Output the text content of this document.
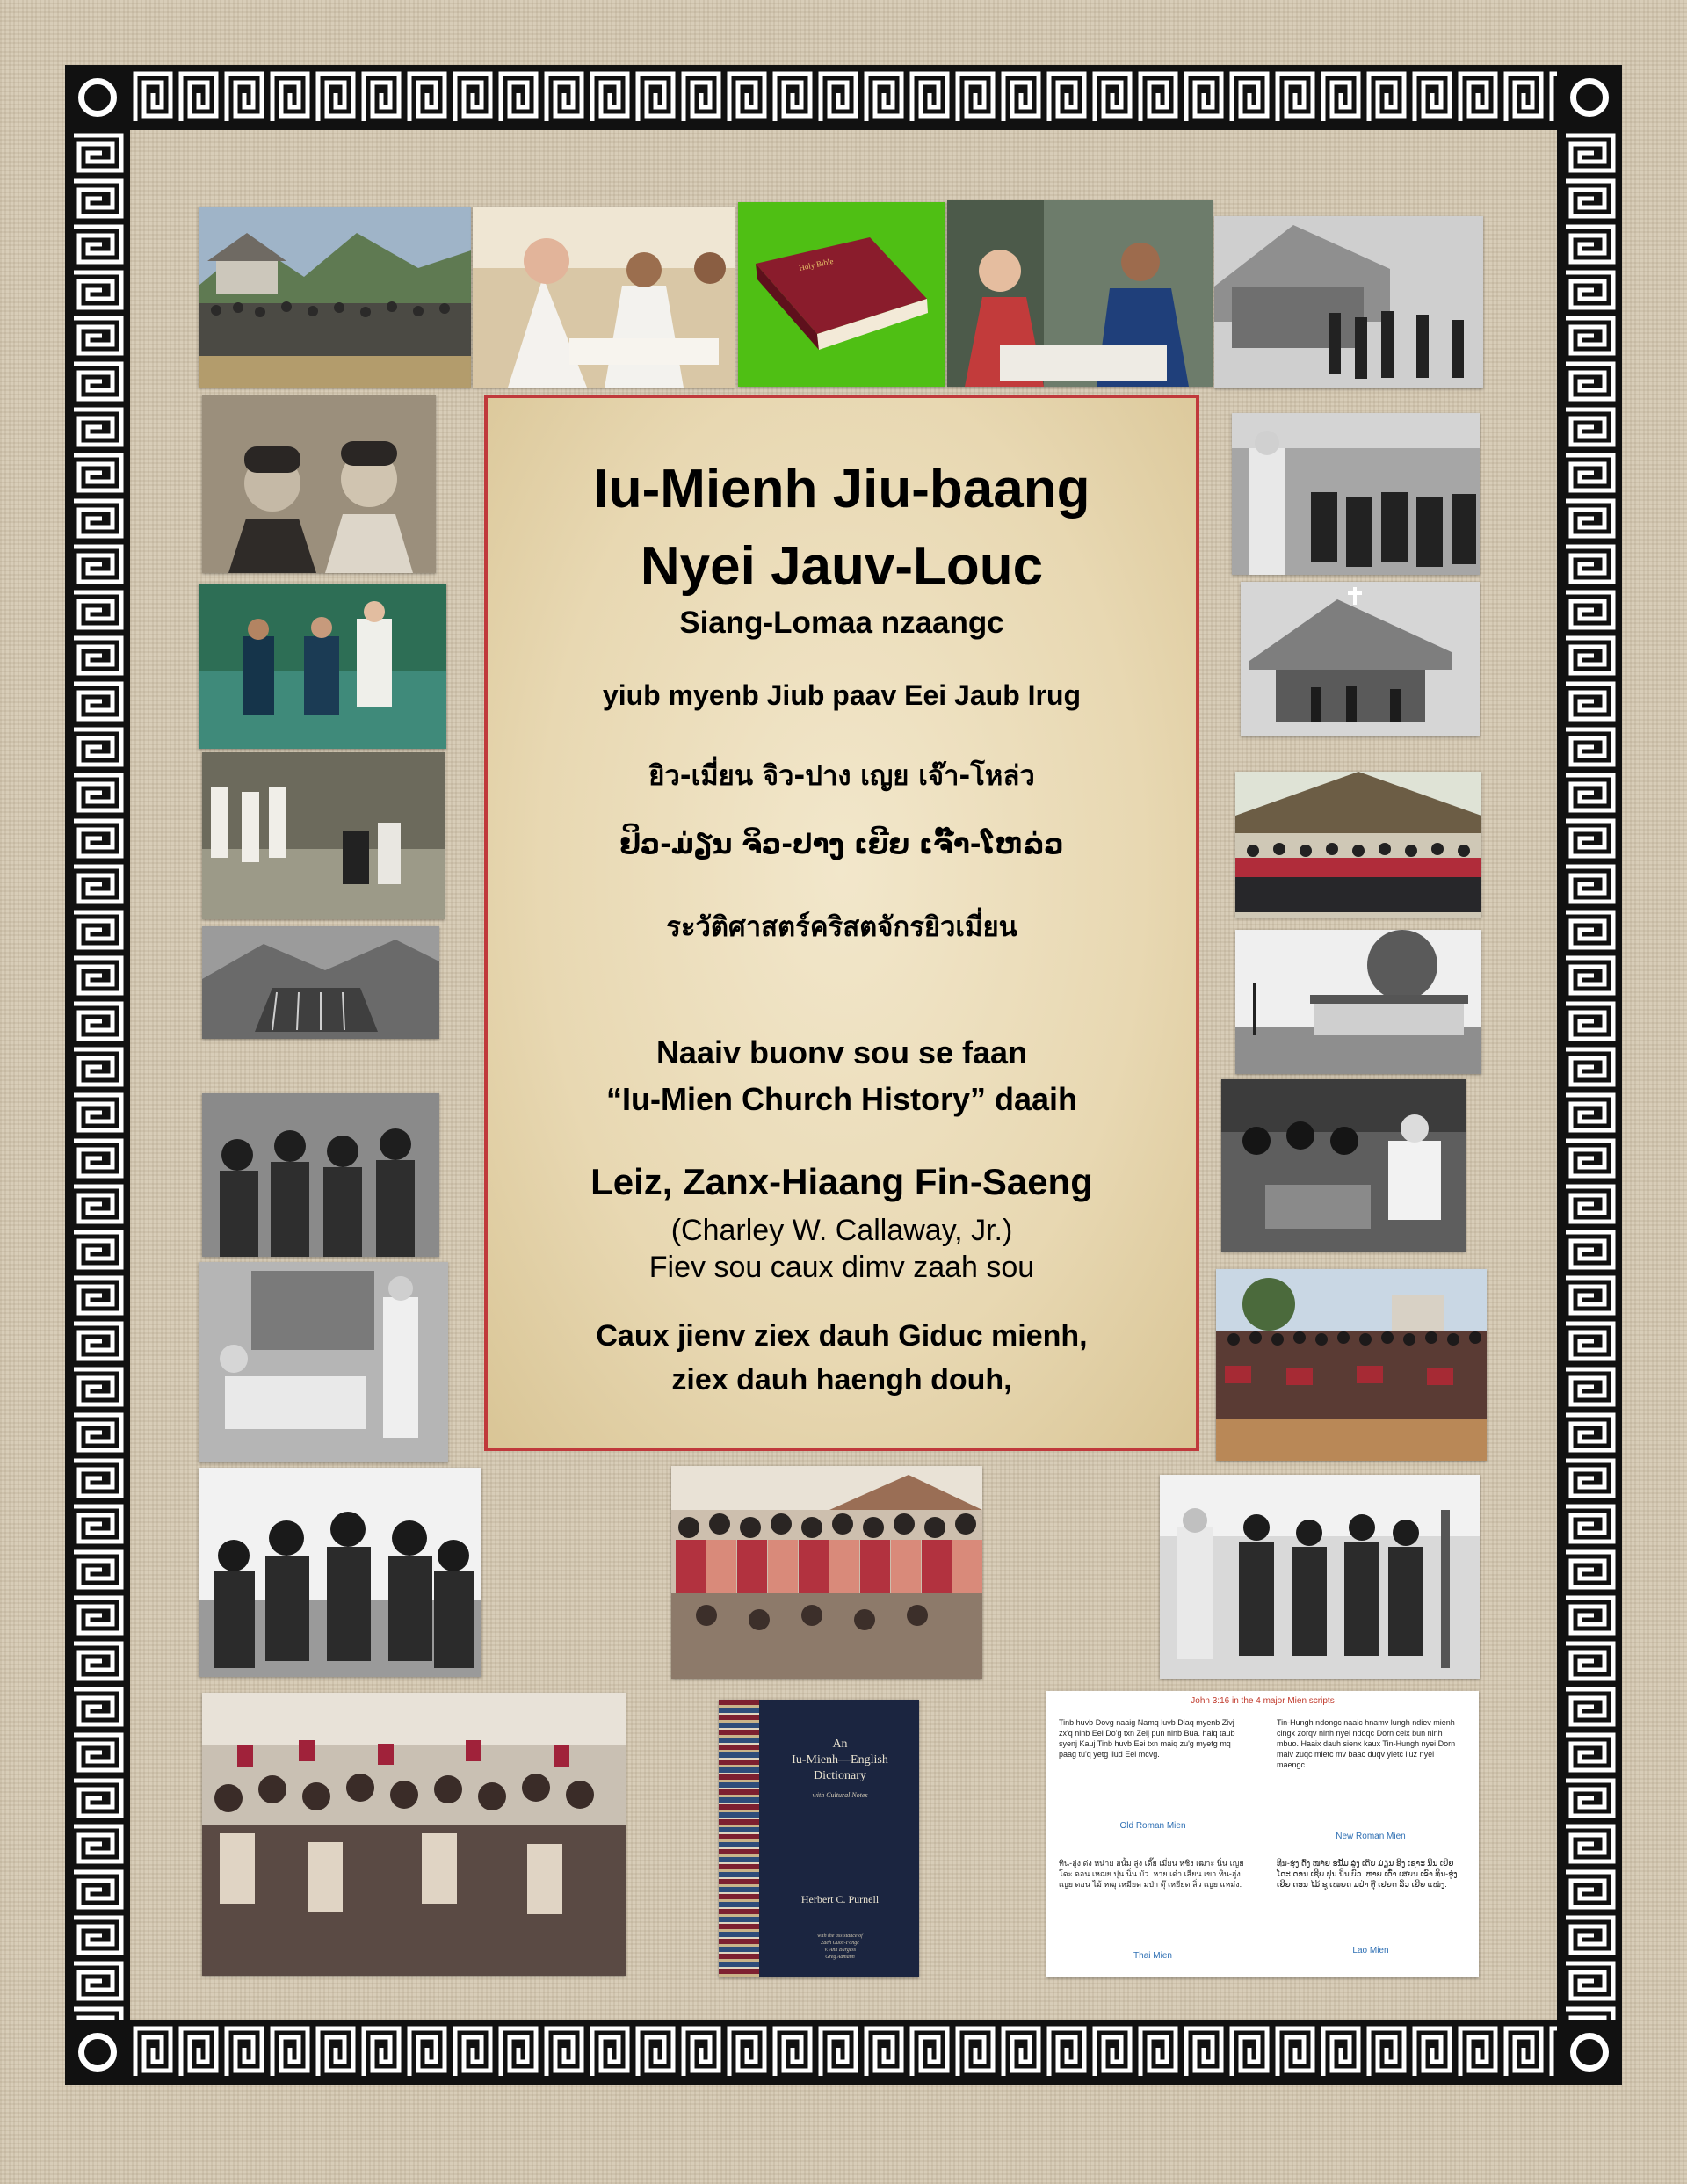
Holy Bible
Iu-Mienh Jiu-baang
Nyei Jauv-Louc
Siang-Lomaa nzaangc
yiub myenb Jiub paav Eei Jaub Irug
ยิว-เมี่ยน จิว-ปาง เญย เจ๊า-โหล่ว
ຢິວ-ມ່ຽນ ຈິວ-ປາງ ເຍີຍ ເຈົ໊າ-ໂຫລ່ວ
ระวัติศาสตร์คริสตจักรยิวเมี่ยน
Naaiv buonv sou se faan
“Iu-Mien Church History” daaih
Leiz, Zanx-Hiaang Fin-Saeng
(Charley W. Callaway, Jr.)
Fiev sou caux dimv zaah sou
Caux jienv ziex dauh Giduc mienh,
ziex dauh haengh douh,
An
Iu-Mienh—English
Dictionary
with Cultural Notes
Herbert C. Purnell
with the assistance of
Zaeh Guox-Fongc
V. Ann Burgess
Greg Aamann
John 3:16 in the 4 major Mien scripts
Tinb huvb Dovg naaig Namq luvb Diaq myenb Zivj zx'q ninb Eei Do'g txn Zeij pun ninb Bua. haiq taub syenj Kauj Tinb huvb Eei txn maiq zu'g myetg mq paag tu'q yetg liud Eei mcvg.
Old Roman Mien
Tin-Hungh ndongc naaic hnamv lungh ndiev mienh cingx zorqv ninh nyei ndoqc Dorn celx bun ninh mbuo. Haaix dauh sienx kaux Tin-Hungh nyei Dorn maiv zuqc mietc mv baac duqv yietc liuz nyei maengc.
New Roman Mien
ทิน-ฮู่ง ด่ง หน่าย ฮนั้ม ลู่ง เดี๊ย เมี่ยน หชิง เฒาะ นิ่น เญย โดะ ดอน เหฌย ปุน นิ่น บัว. หาย เด๋า เสียน เขา ทิน-ฮู่ง เญย ดอน ไม้ หฒุ เหมียด มป่า ตุ๊ เหยียด ลิ่ว เญย แหม่ง.
Thai Mien
ທິນ-ຮູ່ງ ດົ່ງ ໜາ່ຍ ຮນັ້ມ ລູ່ງ ເດ໊ຍ ມ່ຽນ ຊິງ ເຊາະ ນິ່ນ ເຍີຍ ໂດະ ດອນ ເຊີຍ ປຸນ ນິ່ນ ບົວ. ຫາຍ ເດົ໋າ ເສຍນ ເຂົາ ທິນ-ຮູ່ງ ເຍີຍ ດອນ ໄມ້ ຊຸ ເໝຍດ ມປ່າ ຕຸ໊ ເຢຍດ ລິ່ວ ເຍີຍ ແໝ່ງ.
Lao Mien
